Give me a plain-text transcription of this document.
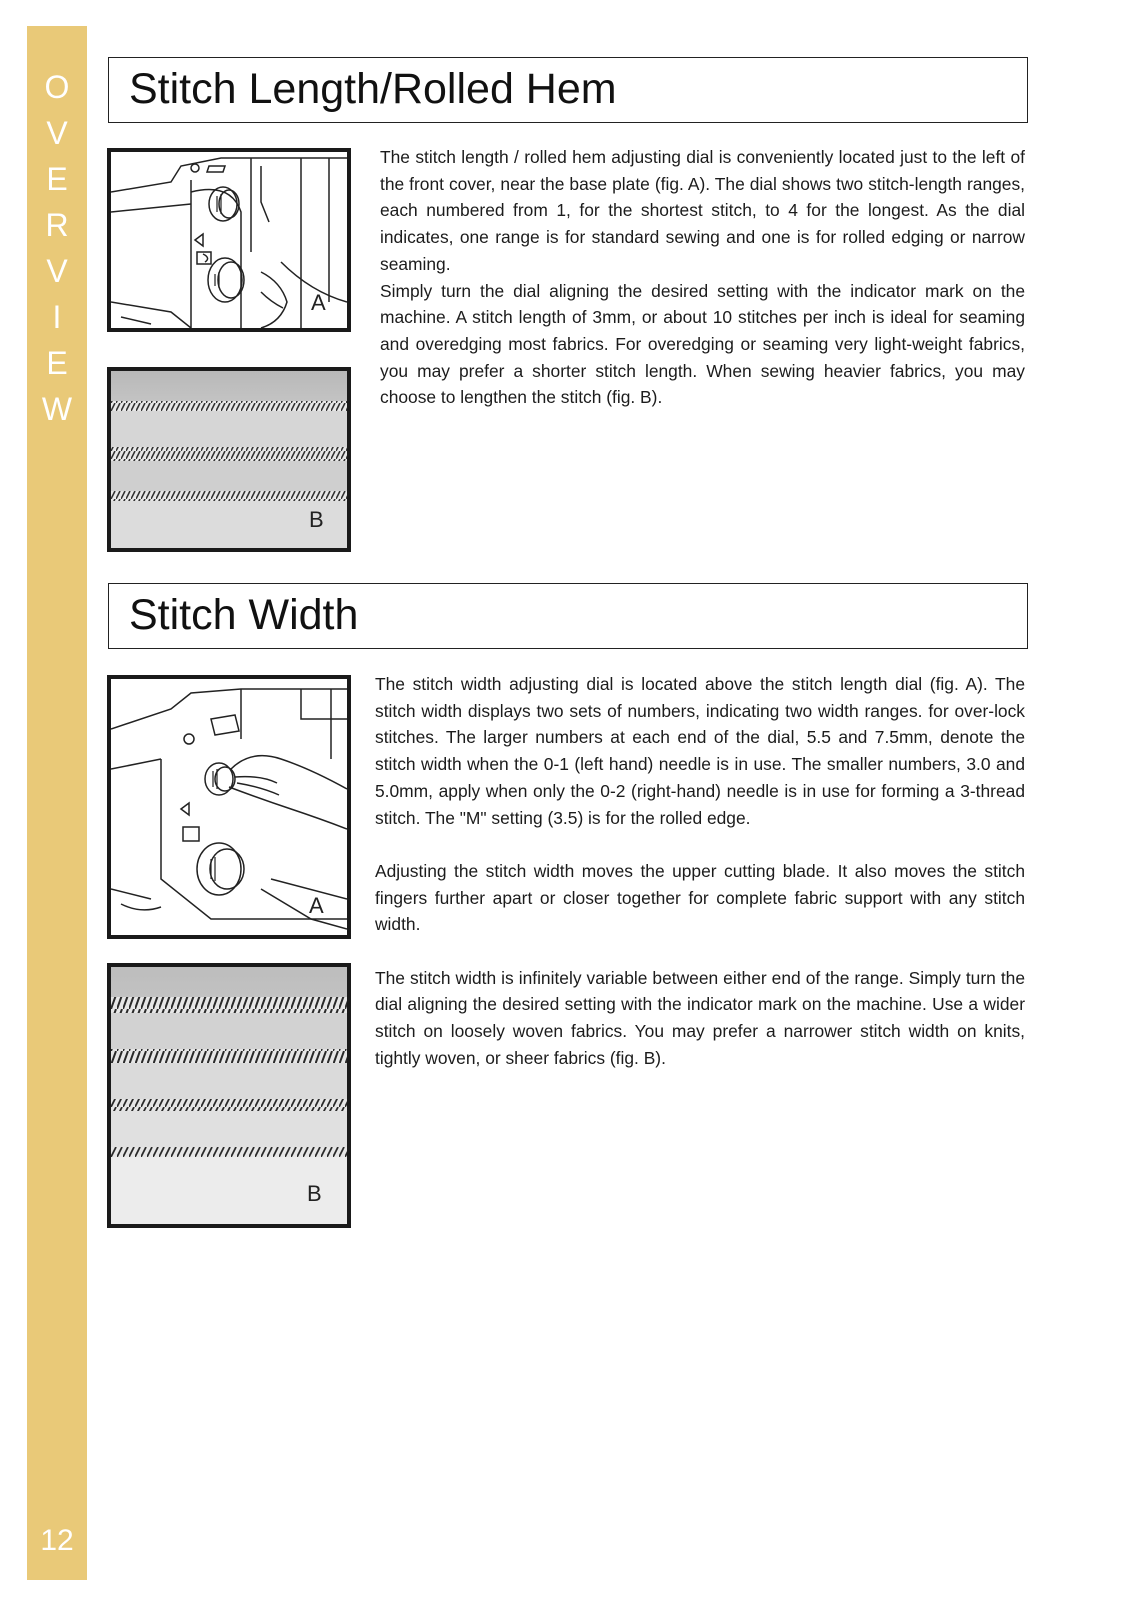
O
V
E
R
V
I
E
W
12
Stitch Length/Rolled Hem
A
B

The stitch length / rolled hem adjusting dial is conveniently located just to the left of the front cover, near the base plate (fig. A). The dial shows two stitch-length ranges, each numbered from 1, for the shortest stitch, to 4 for the longest. As the dial indicates, one range is for standard sewing and one is for rolled edging or narrow seaming.

Simply turn the dial aligning the desired setting with the indicator mark on the machine. A stitch length of 3mm, or about 10 stitches per inch is ideal for seaming and overedging most fabrics. For overedging or seaming very light-weight fabrics, you may prefer a shorter stitch length. When sewing heavier fabrics, you may choose to lengthen the stitch (fig. B).

Stitch Width
A
B

The stitch width adjusting dial is located above the stitch length dial (fig. A). The stitch width displays two sets of numbers, indicating two width ranges. for over-lock stitches. The larger numbers at each end of the dial, 5.5 and 7.5mm, denote the stitch width when the 0-1 (left hand) needle is in use. The smaller numbers, 3.0 and 5.0mm, apply when only the 0-2 (right-hand) needle is in use for forming a 3-thread stitch. The "M" setting (3.5) is for the rolled edge.

Adjusting the stitch width moves the upper cutting blade. It also moves the stitch fingers further apart or closer together for complete fabric support with any stitch width.

The stitch width is infinitely variable between either end of the range. Simply turn the dial aligning the desired setting with the indicator mark on the machine. Use a wider stitch on loosely woven fabrics. You may prefer a narrower stitch width on knits, tightly woven, or sheer fabrics (fig. B).
